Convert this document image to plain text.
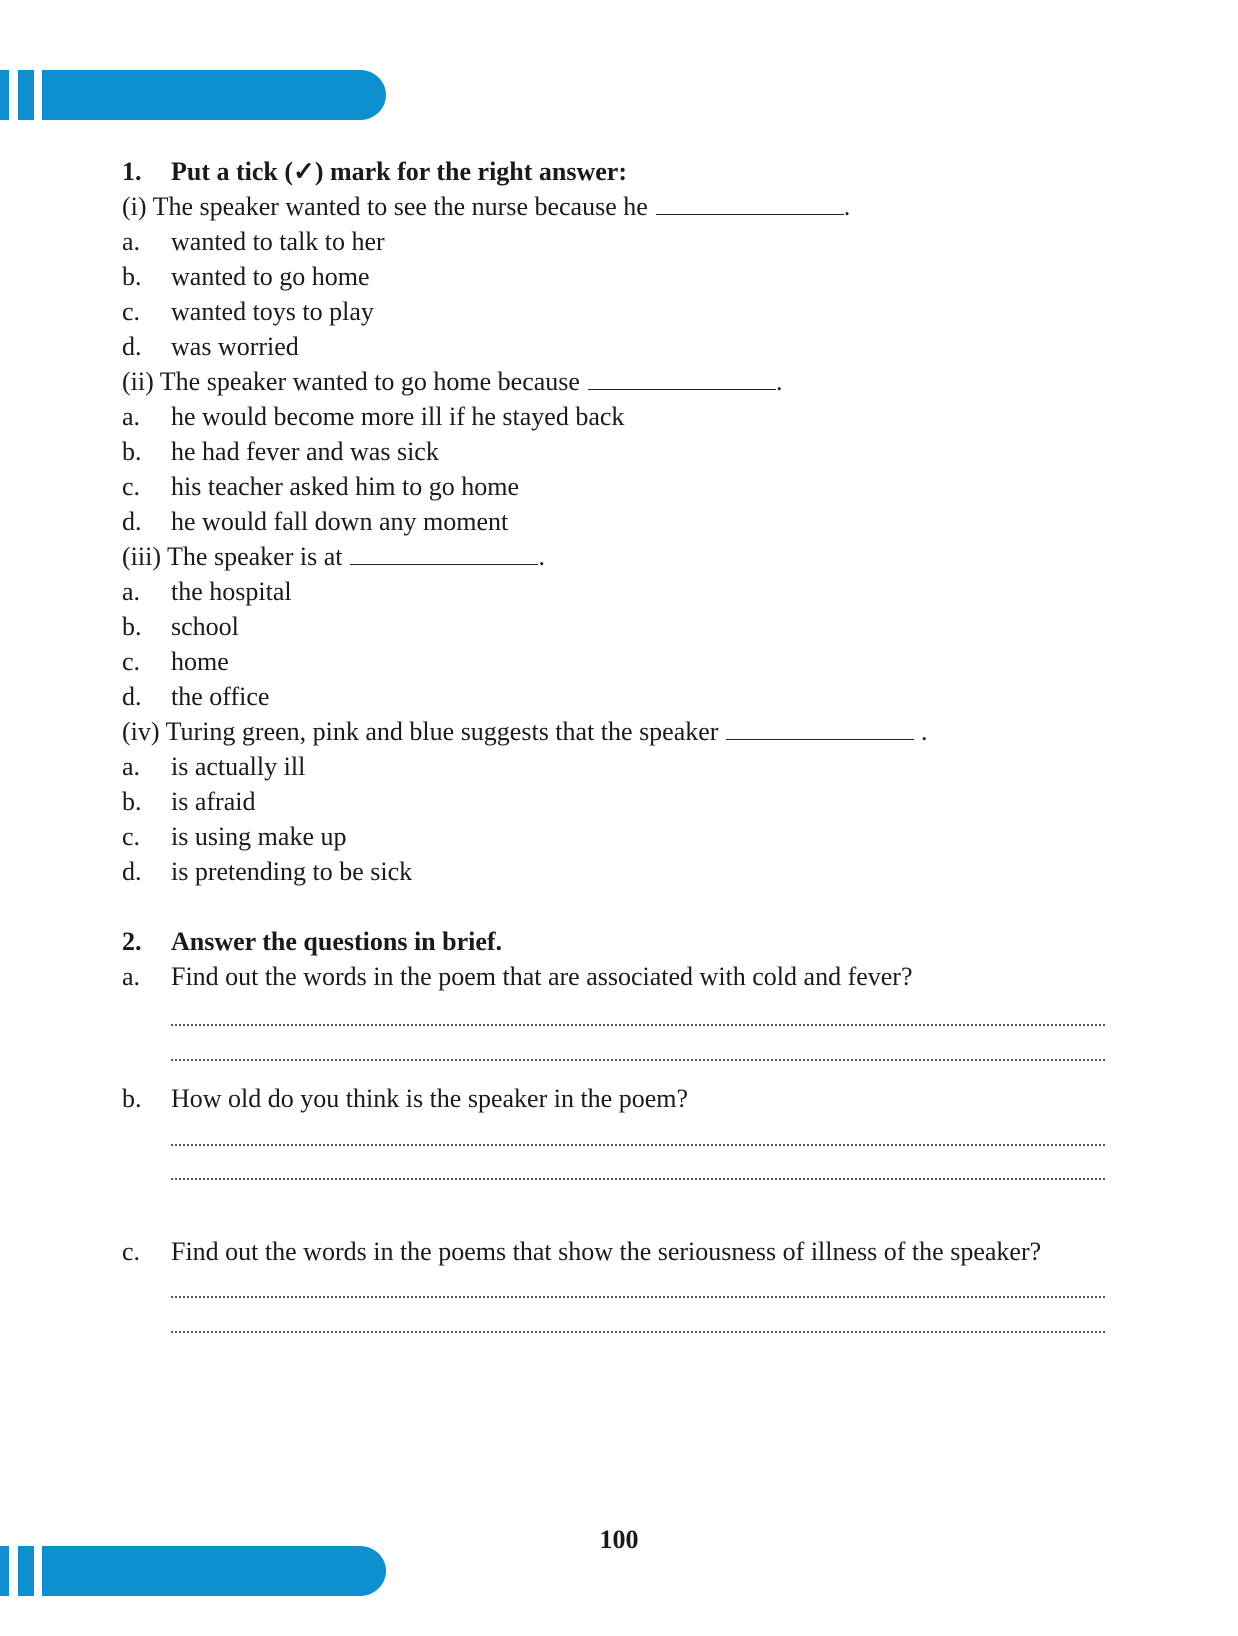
1. Put a tick (✓) mark for the right answer:
(i) The speaker wanted to see the nurse because he	.
a. wanted to talk to her
b. wanted to go home
c. wanted toys to play
d. was worried
(ii) The speaker wanted to go home because	.
a. he would become more ill if he stayed back
b. he had fever and was sick
c. his teacher asked him to go home
d. he would fall down any moment
(iii) The speaker is at	.
a. the hospital
b. school
c. home
d. the office
(iv) Turing green, pink and blue suggests that the speaker	.
a. is actually ill
b. is afraid
c. is using make up
d. is pretending to be sick
2. Answer the questions in brief.
a. Find out the words in the poem that are associated with cold and fever?
b. How old do you think is the speaker in the poem?
c. Find out the words in the poems that show the seriousness of illness of the speaker?
100
